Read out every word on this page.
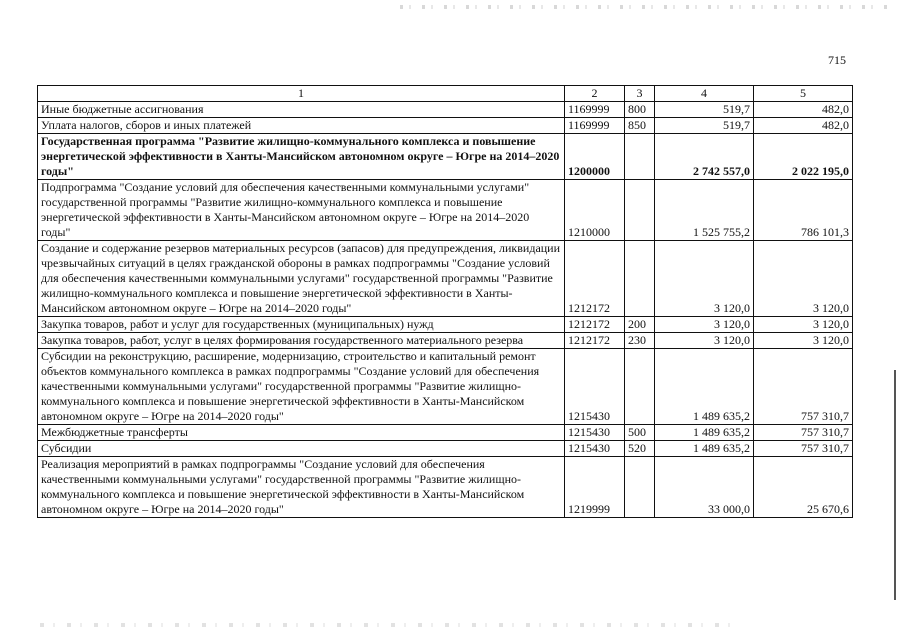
715
1	2	3	4	5
Иные бюджетные ассигнования	1169999	800	519,7	482,0
Уплата налогов, сборов и иных платежей	1169999	850	519,7	482,0
Государственная программа "Развитие жилищно-коммунального комплекса и повышение энергетической эффективности в Ханты-Мансийском автономном округе – Югре на 2014–2020 годы"	1200000		2 742 557,0	2 022 195,0
Подпрограмма "Создание условий для обеспечения качественными коммунальными услугами" государственной программы "Развитие жилищно-коммунального комплекса и повышение энергетической эффективности в Ханты-Мансийском автономном округе – Югре на 2014–2020 годы"	1210000		1 525 755,2	786 101,3
Создание и содержание резервов материальных ресурсов (запасов) для предупреждения, ликвидации чрезвычайных ситуаций в целях гражданской обороны в рамках подпрограммы "Создание условий для обеспечения качественными коммунальными услугами" государственной программы "Развитие жилищно-коммунального комплекса и повышение энергетической эффективности в Ханты-Мансийском автономном округе – Югре на 2014–2020 годы"	1212172		3 120,0	3 120,0
Закупка товаров, работ и услуг для государственных (муниципальных) нужд	1212172	200	3 120,0	3 120,0
Закупка товаров, работ, услуг в целях формирования государственного материального резерва	1212172	230	3 120,0	3 120,0
Субсидии на реконструкцию, расширение, модернизацию, строительство и капитальный ремонт объектов коммунального комплекса в рамках подпрограммы "Создание условий для обеспечения качественными коммунальными услугами" государственной программы "Развитие жилищно-коммунального комплекса и повышение энергетической эффективности в Ханты-Мансийском автономном округе – Югре на 2014–2020 годы"	1215430		1 489 635,2	757 310,7
Межбюджетные трансферты	1215430	500	1 489 635,2	757 310,7
Субсидии	1215430	520	1 489 635,2	757 310,7
Реализация мероприятий в рамках подпрограммы "Создание условий для обеспечения качественными коммунальными услугами" государственной программы "Развитие жилищно-коммунального комплекса и повышение энергетической эффективности в Ханты-Мансийском автономном округе – Югре на 2014–2020 годы"	1219999		33 000,0	25 670,6
